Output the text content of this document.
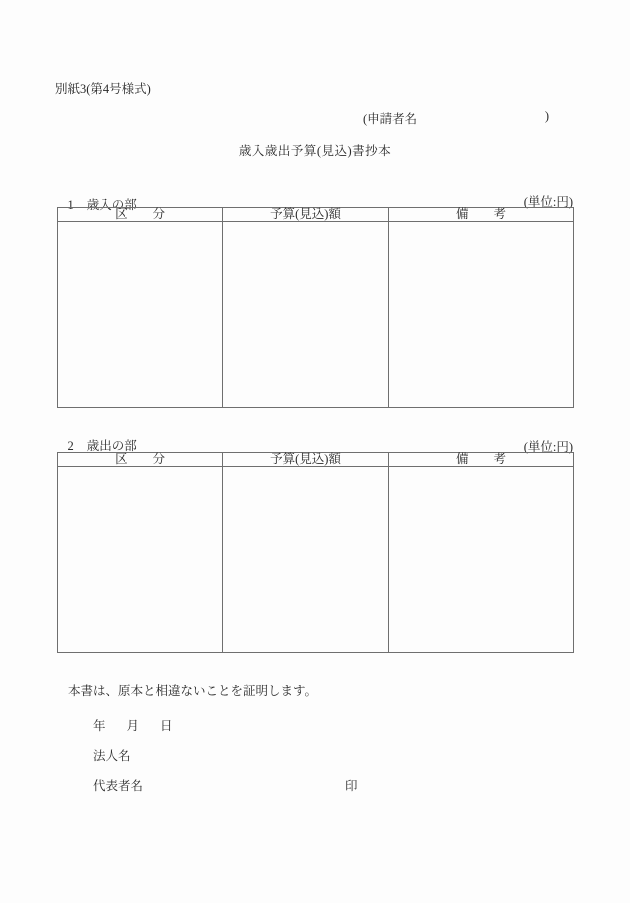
別紙3(第4号様式)
(申請者名	)
歳入歳出予算(見込)書抄本

1 歳入の部
	(単位:円)
区　　分	予算(見込)額	備　　考

2 歳出の部
	(単位:円)
区　　分	予算(見込)額	備　　考

本書は、原本と相違ないことを証明します。
年 月 日
法人名
代表者名	印
